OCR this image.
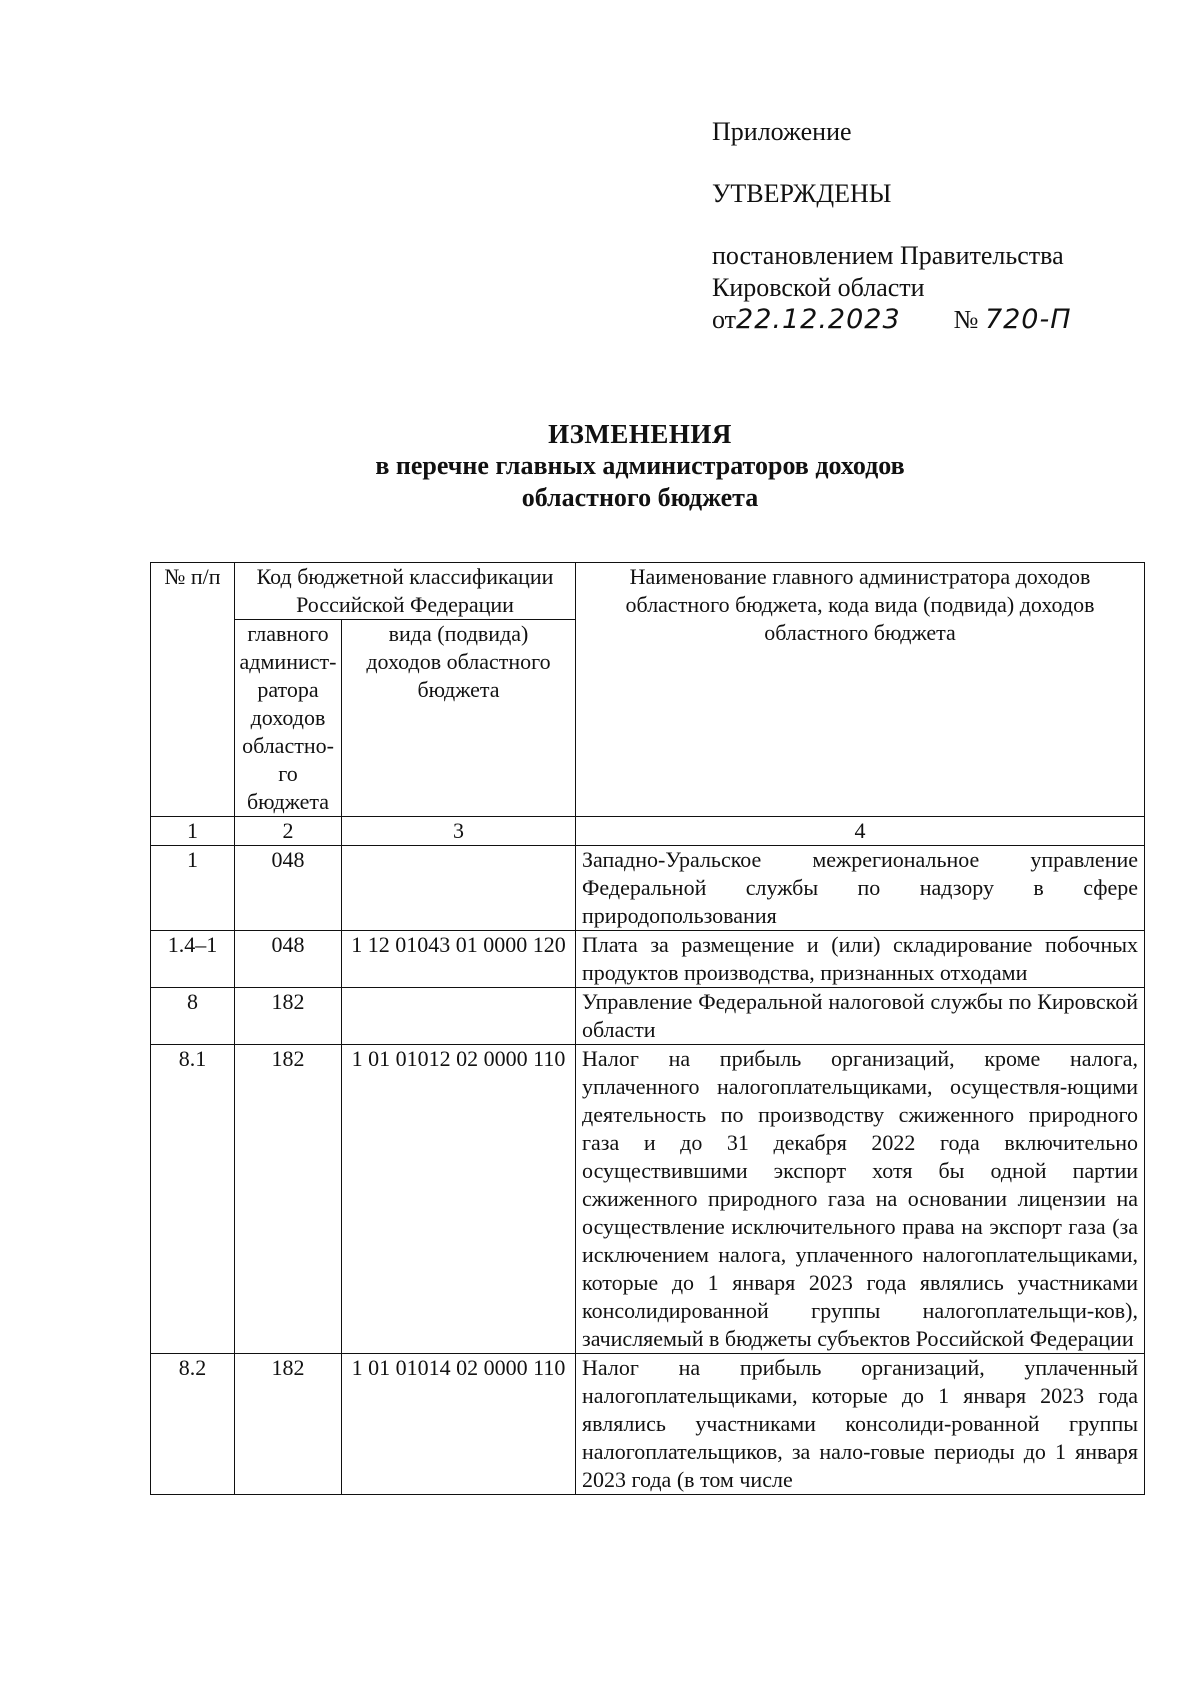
Приложение
УТВЕРЖДЕНЫ
постановлением Правительства
Кировской области
от22.12.2023 № 720-П
ИЗМЕНЕНИЯ
в перечне главных администраторов доходов
областного бюджета
№ п/п	Код бюджетной классификации Российской Федерации		Наименование главного администратора доходов областного бюджета, кода вида (подвида) доходов областного бюджета
	главного админист-ратора доходов областно-го бюджета	вида (подвида) доходов областного бюджета	
1	2	3	4
1	048		Западно-Уральское межрегиональное управление Федеральной службы по надзору в сфере природопользования
1.4–1	048	1 12 01043 01 0000 120	Плата за размещение и (или) складирование побочных продуктов производства, признанных отходами
8	182		Управление Федеральной налоговой службы по Кировской области
8.1	182	1 01 01012 02 0000 110	Налог на прибыль организаций, кроме налога, уплаченного налогоплательщиками, осуществля-ющими деятельность по производству сжиженного природного газа и до 31 декабря 2022 года включительно осуществившими экспорт хотя бы одной партии сжиженного природного газа на основании лицензии на осуществление исключительного права на экспорт газа (за исключением налога, уплаченного налогоплательщиками, которые до 1 января 2023 года являлись участниками консолидированной группы налогоплательщи-ков), зачисляемый в бюджеты субъектов Российской Федерации
8.2	182	1 01 01014 02 0000 110	Налог на прибыль организаций, уплаченный налогоплательщиками, которые до 1 января 2023 года являлись участниками консолиди-рованной группы налогоплательщиков, за нало-говые периоды до 1 января 2023 года (в том числе
